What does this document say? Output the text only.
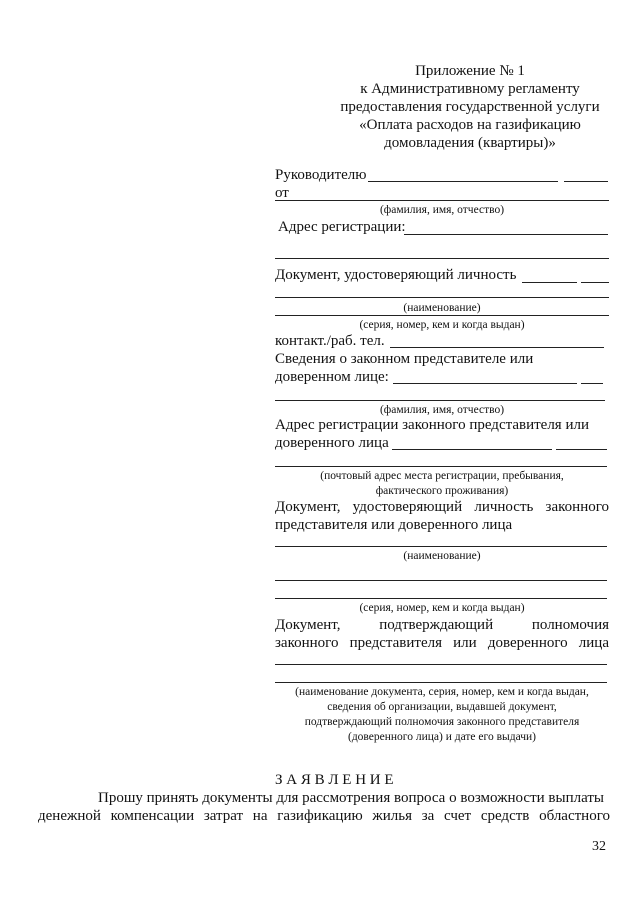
Приложение № 1
к Административному регламенту
предоставления государственной услуги
«Оплата расходов на газификацию
домовладения (квартиры)»
Руководителю
от
(фамилия, имя, отчество)
Адрес регистрации:
Документ, удостоверяющий личность
(наименование)
(серия, номер, кем и когда выдан)
контакт./раб. тел.
Сведения о законном представителе или
доверенном лице:
(фамилия, имя, отчество)
Адрес регистрации законного представителя или
доверенного лица
(почтовый адрес места регистрации, пребывания,
фактического проживания)
Документ, удостоверяющий личность законного
представителя или доверенного лица
(наименование)
(серия, номер, кем и когда выдан)
Документ, подтверждающий полномочия
законного представителя или доверенного лица
(наименование документа, серия, номер, кем и когда выдан,
сведения об организации, выдавшей документ,
подтверждающий полномочия законного представителя
(доверенного лица) и дате его выдачи)
З А Я В Л Е Н И Е
Прошу принять документы для рассмотрения вопроса о возможности выплаты
денежной компенсации затрат на газификацию жилья за счет средств областного
32
